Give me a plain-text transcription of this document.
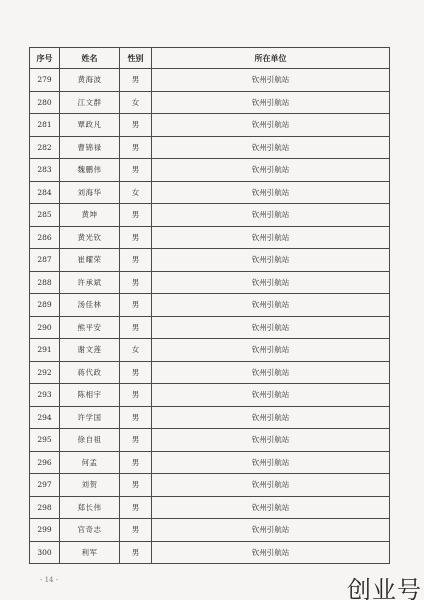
序号	姓名	性别	所在单位
279	黄海波	男	钦州引航站
280	江文群	女	钦州引航站
281	覃政凡	男	钦州引航站
282	曹锦禄	男	钦州引航站
283	魏鹏伟	男	钦州引航站
284	刘海华	女	钦州引航站
285	黄坤	男	钦州引航站
286	黄光钦	男	钦州引航站
287	崔耀荣	男	钦州引航站
288	许承斌	男	钦州引航站
289	汤佳林	男	钦州引航站
290	熊平安	男	钦州引航站
291	谢文莲	女	钦州引航站
292	蒋代政	男	钦州引航站
293	陈相宇	男	钦州引航站
294	许学国	男	钦州引航站
295	徐自祖	男	钦州引航站
296	何孟	男	钦州引航站
297	刘贺	男	钦州引航站
298	郑长伟	男	钦州引航站
299	官奇志	男	钦州引航站
300	利军	男	钦州引航站
- 14 -	创业号
